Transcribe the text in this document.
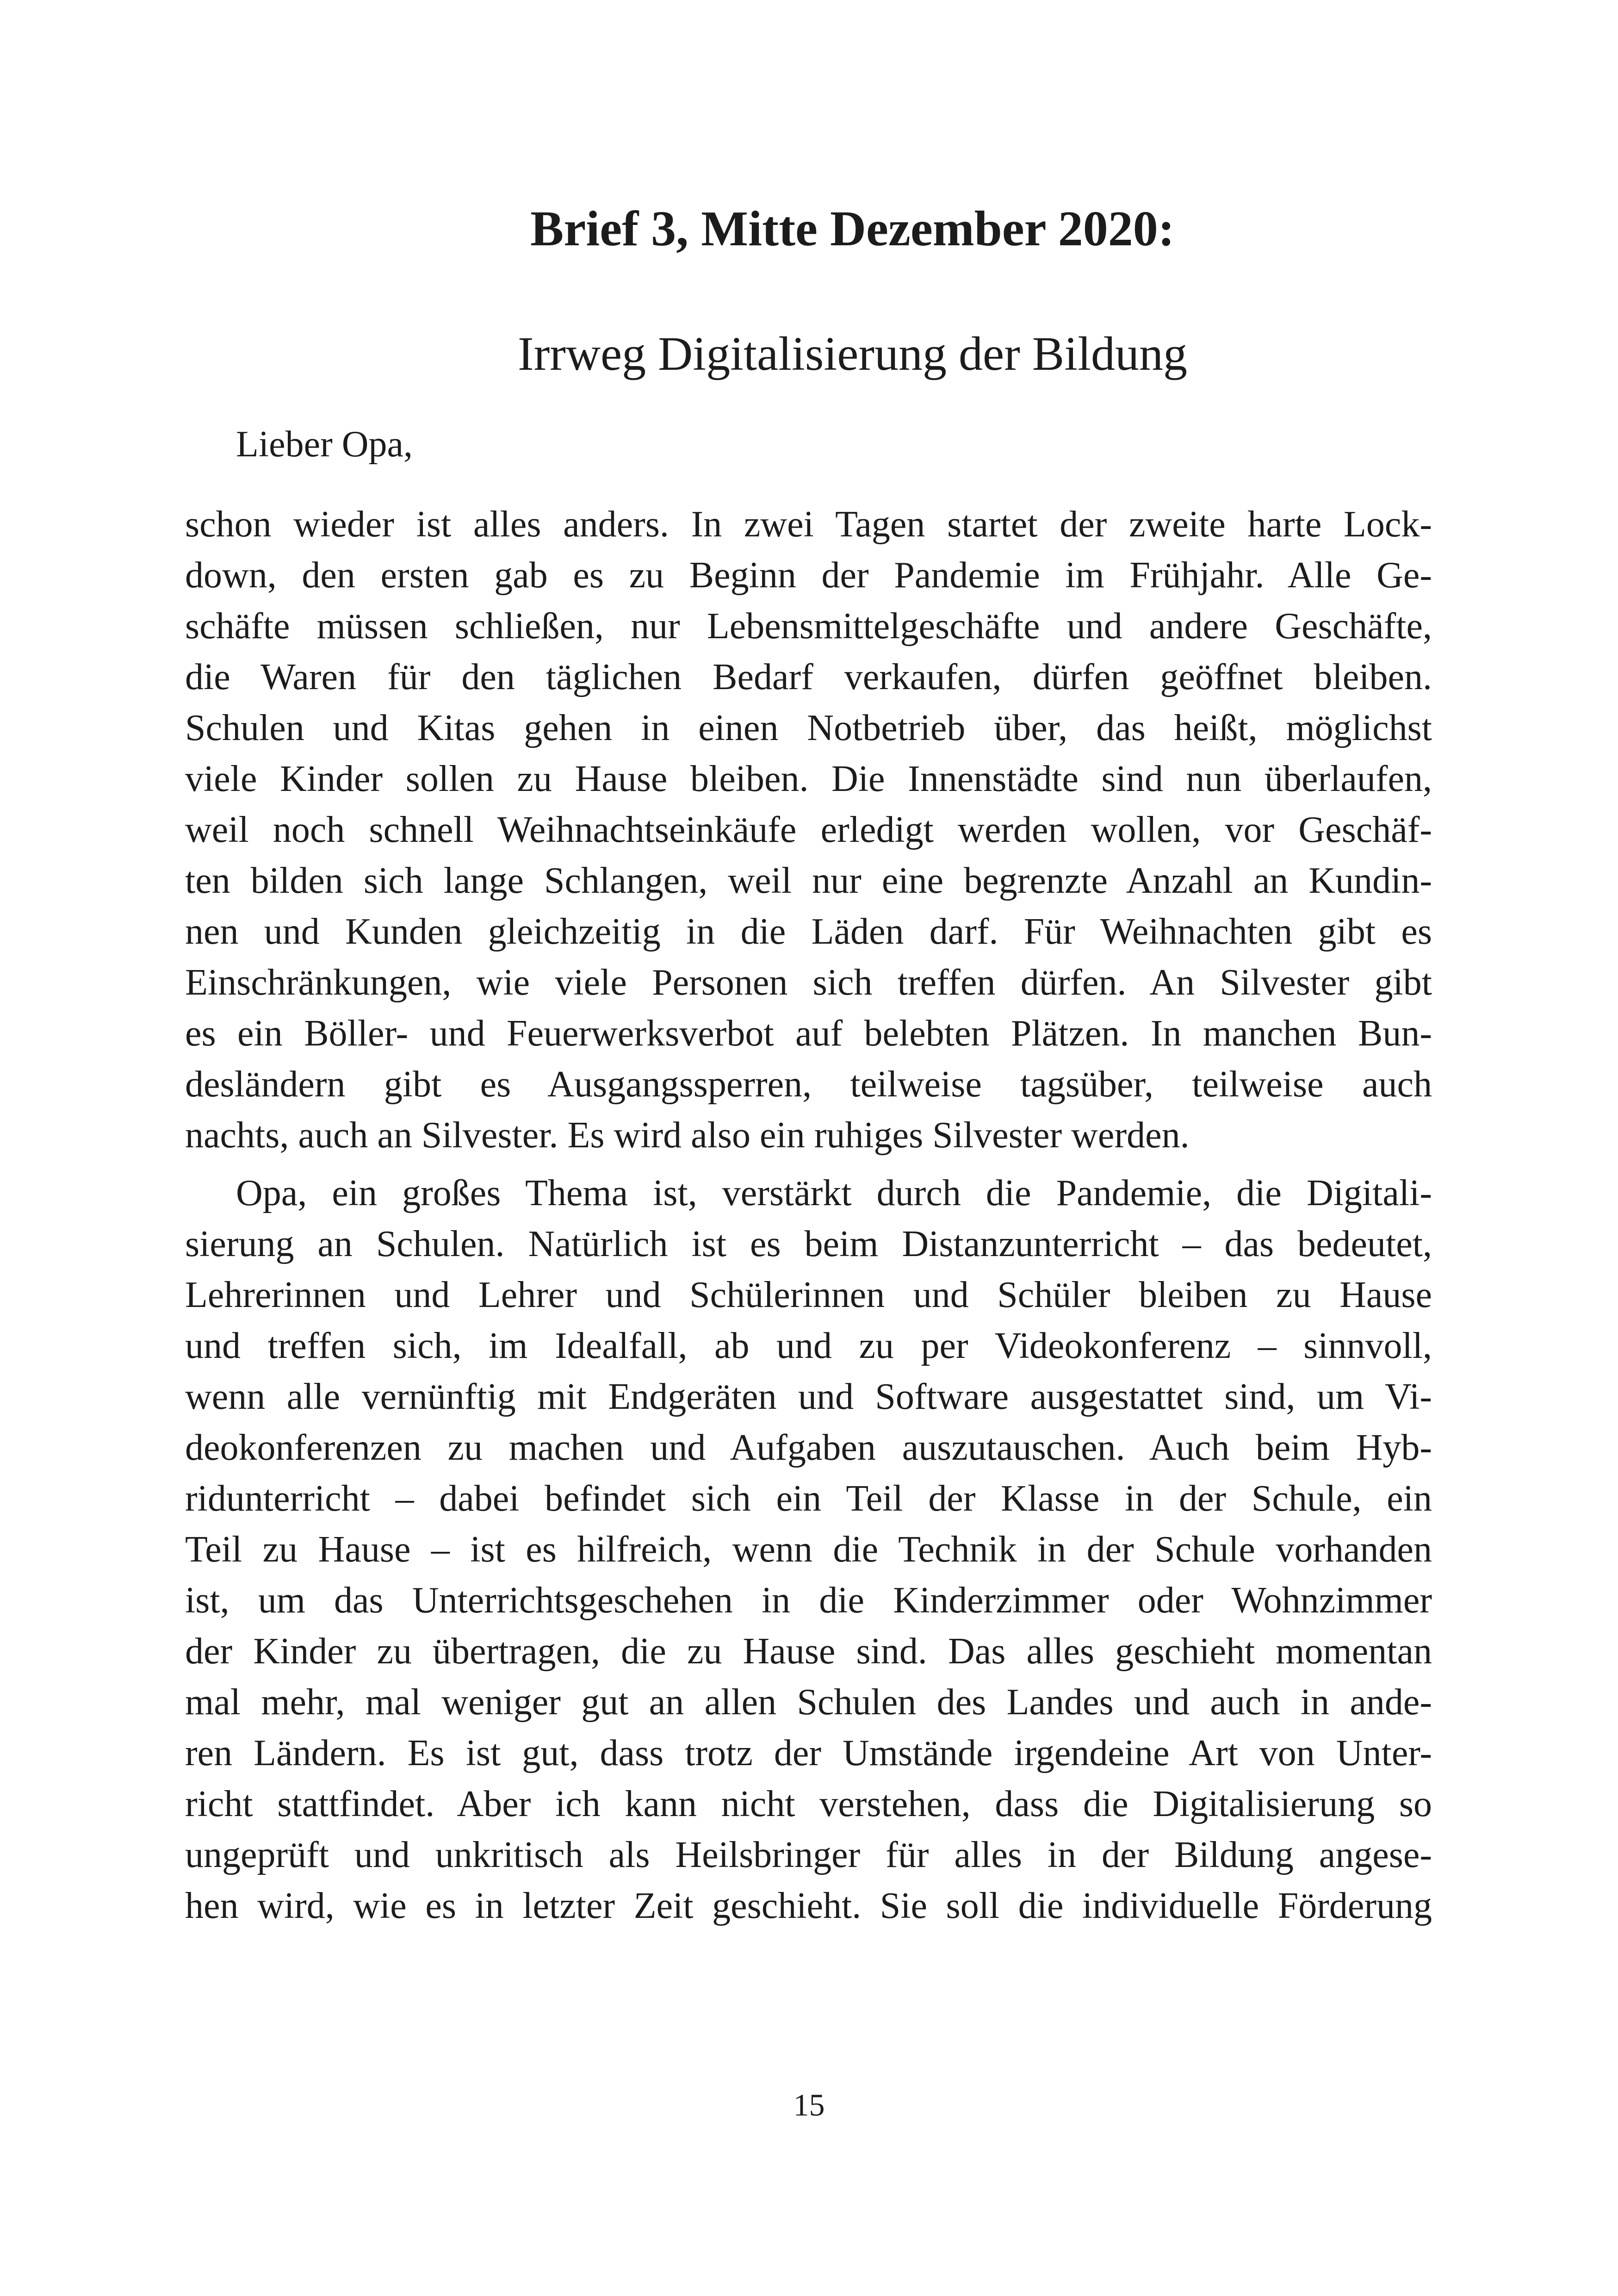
Brief 3, Mitte Dezember 2020:
Irrweg Digitalisierung der Bildung

Lieber Opa,

schon wieder ist alles anders. In zwei Tagen startet der zweite harte Lock-
down, den ersten gab es zu Beginn der Pandemie im Frühjahr. Alle Ge-
schäfte müssen schließen, nur Lebensmittelgeschäfte und andere Geschäfte,
die Waren für den täglichen Bedarf verkaufen, dürfen geöffnet bleiben.
Schulen und Kitas gehen in einen Notbetrieb über, das heißt, möglichst
viele Kinder sollen zu Hause bleiben. Die Innenstädte sind nun überlaufen,
weil noch schnell Weihnachtseinkäufe erledigt werden wollen, vor Geschäf-
ten bilden sich lange Schlangen, weil nur eine begrenzte Anzahl an Kundin-
nen und Kunden gleichzeitig in die Läden darf. Für Weihnachten gibt es
Einschränkungen, wie viele Personen sich treffen dürfen. An Silvester gibt
es ein Böller- und Feuerwerksverbot auf belebten Plätzen. In manchen Bun-
desländern gibt es Ausgangssperren, teilweise tagsüber, teilweise auch
nachts, auch an Silvester. Es wird also ein ruhiges Silvester werden.
Opa, ein großes Thema ist, verstärkt durch die Pandemie, die Digitali-
sierung an Schulen. Natürlich ist es beim Distanzunterricht – das bedeutet,
Lehrerinnen und Lehrer und Schülerinnen und Schüler bleiben zu Hause
und treffen sich, im Idealfall, ab und zu per Videokonferenz – sinnvoll,
wenn alle vernünftig mit Endgeräten und Software ausgestattet sind, um Vi-
deokonferenzen zu machen und Aufgaben auszutauschen. Auch beim Hyb-
ridunterricht – dabei befindet sich ein Teil der Klasse in der Schule, ein
Teil zu Hause – ist es hilfreich, wenn die Technik in der Schule vorhanden
ist, um das Unterrichtsgeschehen in die Kinderzimmer oder Wohnzimmer
der Kinder zu übertragen, die zu Hause sind. Das alles geschieht momentan
mal mehr, mal weniger gut an allen Schulen des Landes und auch in ande-
ren Ländern. Es ist gut, dass trotz der Umstände irgendeine Art von Unter-
richt stattfindet. Aber ich kann nicht verstehen, dass die Digitalisierung so
ungeprüft und unkritisch als Heilsbringer für alles in der Bildung angese-
hen wird, wie es in letzter Zeit geschieht. Sie soll die individuelle Förderung

15
